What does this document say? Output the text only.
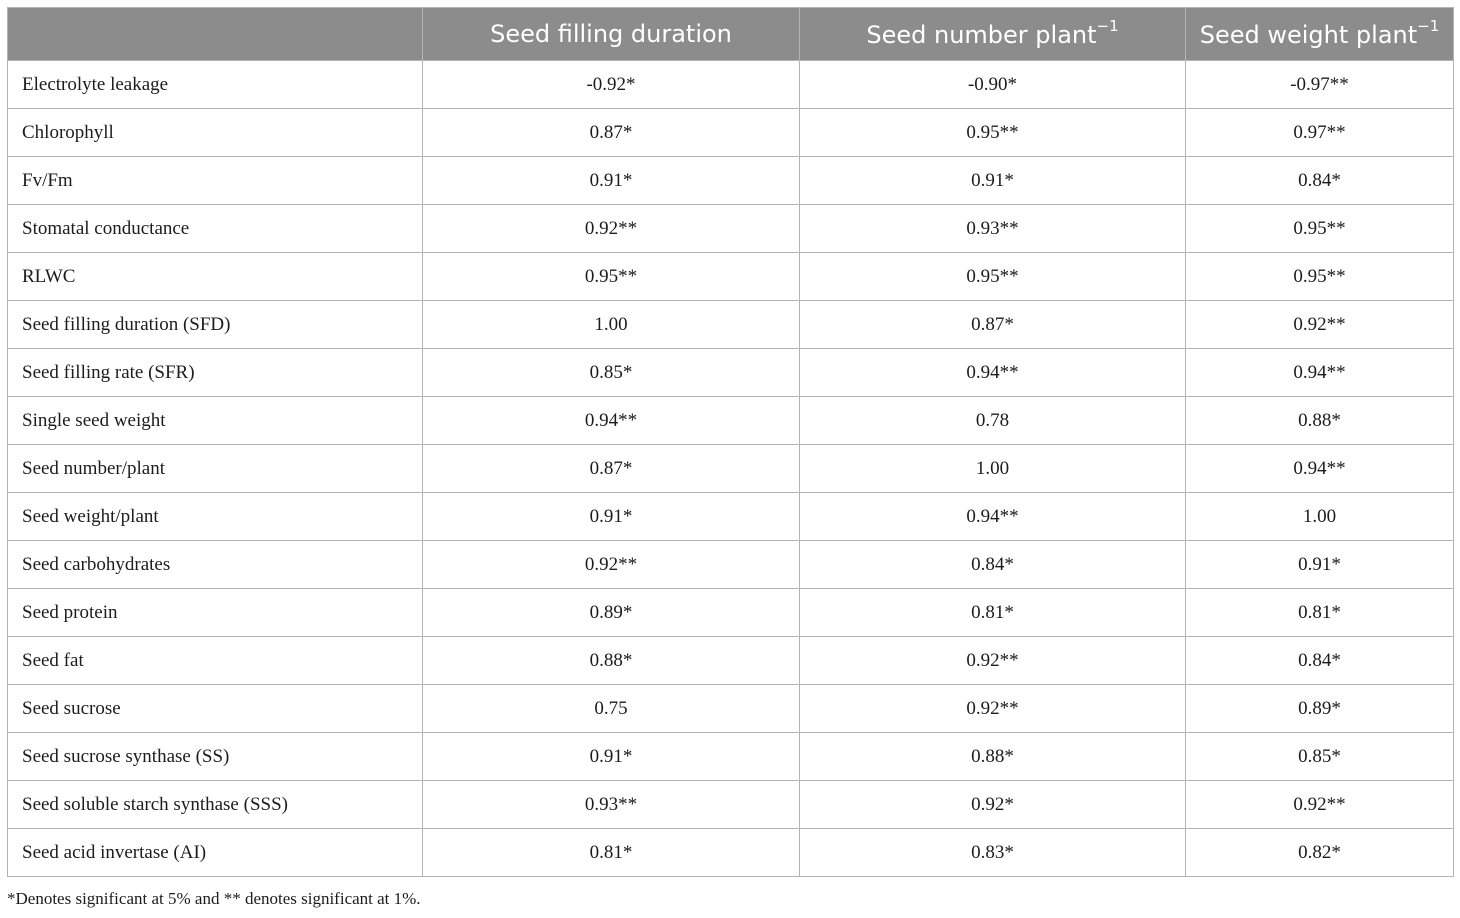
	Seed filling duration	Seed number plant$^{-1}$	Seed weight plant$^{-1}$
Electrolyte leakage	-0.92*	-0.90*	-0.97**
Chlorophyll	0.87*	0.95**	0.97**
Fv/Fm	0.91*	0.91*	0.84*
Stomatal conductance	0.92**	0.93**	0.95**
RLWC	0.95**	0.95**	0.95**
Seed filling duration (SFD)	1.00	0.87*	0.92**
Seed filling rate (SFR)	0.85*	0.94**	0.94**
Single seed weight	0.94**	0.78	0.88*
Seed number/plant	0.87*	1.00	0.94**
Seed weight/plant	0.91*	0.94**	1.00
Seed carbohydrates	0.92**	0.84*	0.91*
Seed protein	0.89*	0.81*	0.81*
Seed fat	0.88*	0.92**	0.84*
Seed sucrose	0.75	0.92**	0.89*
Seed sucrose synthase (SS)	0.91*	0.88*	0.85*
Seed soluble starch synthase (SSS)	0.93**	0.92*	0.92**
Seed acid invertase (AI)	0.81*	0.83*	0.82*
*Denotes significant at 5% and ** denotes significant at 1%.
